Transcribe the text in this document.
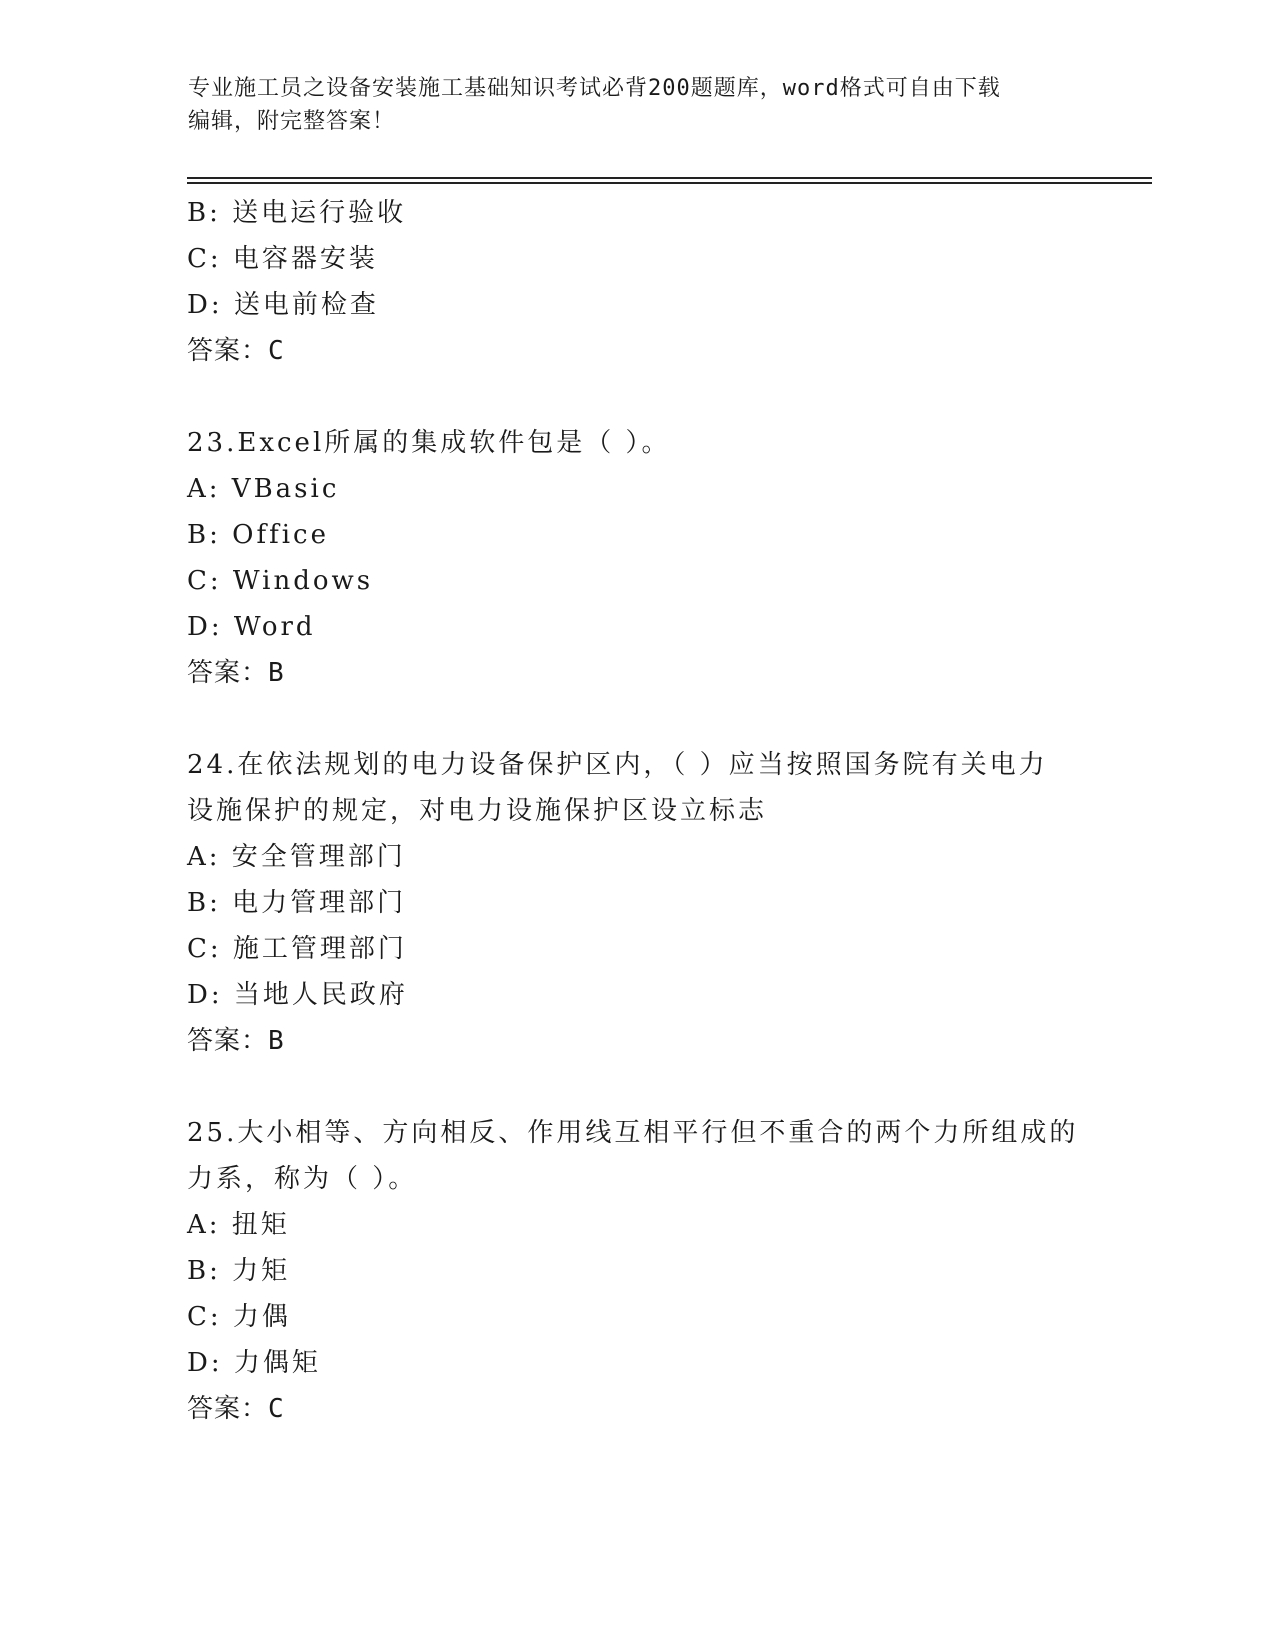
专业施工员之设备安装施工基础知识考试必背200题题库，word格式可自由下载
编辑，附完整答案！
B: 送电运行验收
C: 电容器安装
D: 送电前检查
答案：C
23.Excel所属的集成软件包是（ ）。
A: VBasic
B: Office
C: Windows
D: Word
答案：B
24.在依法规划的电力设备保护区内，（ ）应当按照国务院有关电力
设施保护的规定，对电力设施保护区设立标志
A: 安全管理部门
B: 电力管理部门
C: 施工管理部门
D: 当地人民政府
答案：B
25.大小相等、方向相反、作用线互相平行但不重合的两个力所组成的
力系，称为（ ）。
A: 扭矩
B: 力矩
C: 力偶
D: 力偶矩
答案：C
